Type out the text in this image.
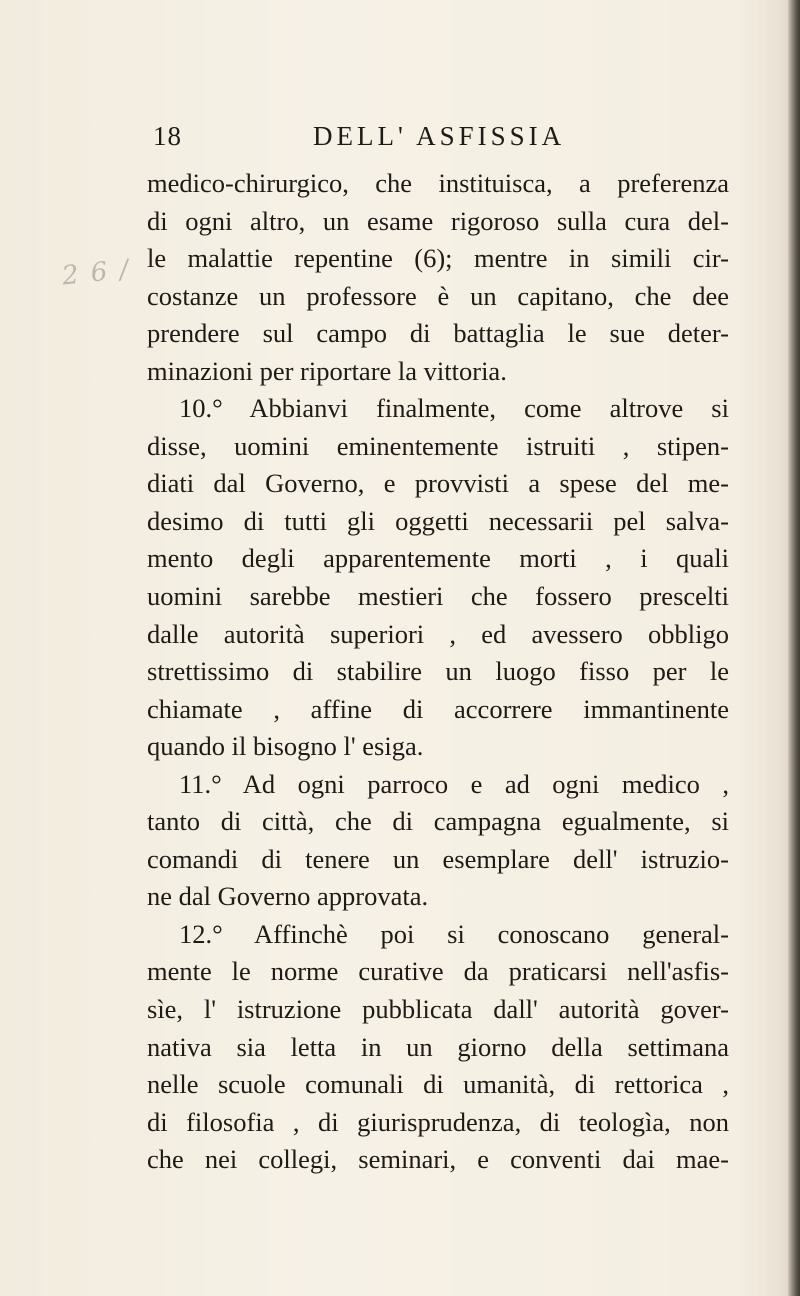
2 6 /
18	DELL' ASFISSIA
medico-chirurgico, che instituisca, a preferenza
di ogni altro, un esame rigoroso sulla cura del-
le malattie repentine (6); mentre in simili cir-
costanze un professore è un capitano, che dee
prendere sul campo di battaglia le sue deter-
minazioni per riportare la vittoria.
10.° Abbianvi finalmente, come altrove si
disse, uomini eminentemente istruiti , stipen-
diati dal Governo, e provvisti a spese del me-
desimo di tutti gli oggetti necessarii pel salva-
mento degli apparentemente morti , i quali
uomini sarebbe mestieri che fossero prescelti
dalle autorità superiori , ed avessero obbligo
strettissimo di stabilire un luogo fisso per le
chiamate , affine di accorrere immantinente
quando il bisogno l' esiga.
11.° Ad ogni parroco e ad ogni medico ,
tanto di città, che di campagna egualmente, si
comandi di tenere un esemplare dell' istruzio-
ne dal Governo approvata.
12.° Affinchè poi si conoscano general-
mente le norme curative da praticarsi nell'asfis-
sìe, l' istruzione pubblicata dall' autorità gover-
nativa sia letta in un giorno della settimana
nelle scuole comunali di umanità, di rettorica ,
di filosofia , di giurisprudenza, di teologìa, non
che nei collegi, seminari, e conventi dai mae-
